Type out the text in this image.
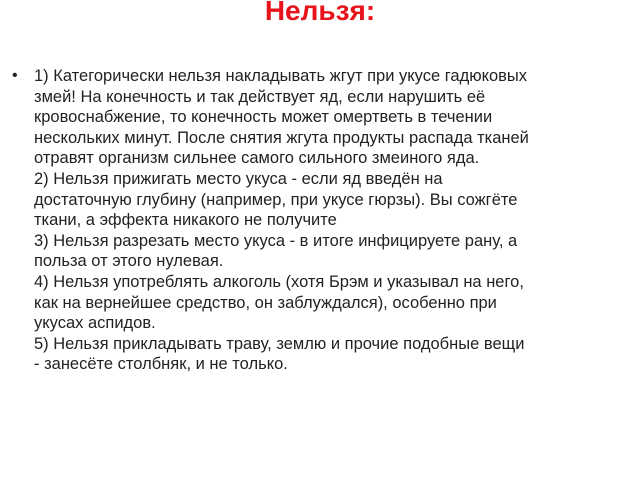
Нельзя:
• 1) Категорически нельзя накладывать жгут при укусе гадюковых
змей! На конечность и так действует яд, если нарушить её
кровоснабжение, то конечность может омертветь в течении
нескольких минут. После снятия жгута продукты распада тканей
отравят организм сильнее самого сильного змеиного яда.
2) Нельзя прижигать место укуса - если яд введён на
достаточную глубину (например, при укусе гюрзы). Вы сожгёте
ткани, а эффекта никакого не получите
3) Нельзя разрезать место укуса - в итоге инфицируете рану, а
польза от этого нулевая.
4) Нельзя употреблять алкоголь (хотя Брэм и указывал на него,
как на вернейшее средство, он заблуждался), особенно при
укусах аспидов.
5) Нельзя прикладывать траву, землю и прочие подобные вещи
- занесёте столбняк, и не только.
